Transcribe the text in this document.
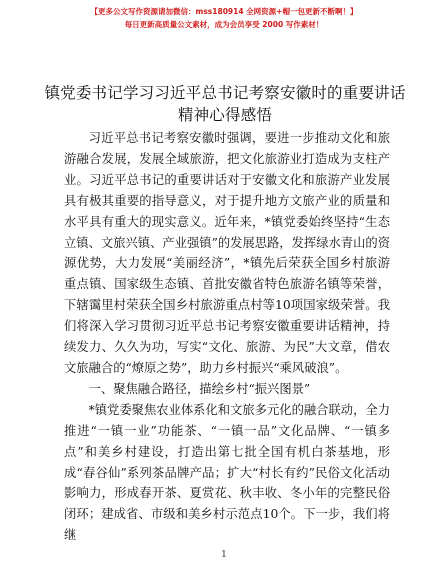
【更多公文写作资源请加微信：mss180914 全网资源+帽一包更新不断啊！】
每日更新高质量公文素材，成为会员享受 2000 写作素材！
镇党委书记学习习近平总书记考察安徽时的重要讲话精神心得感悟

习近平总书记考察安徽时强调，要进一步推动文化和旅游融合发展，发展全域旅游，把文化旅游业打造成为支柱产业。习近平总书记的重要讲话对于安徽文化和旅游产业发展具有极其重要的指导意义，对于提升地方文旅产业的质量和水平具有重大的现实意义。近年来，*镇党委始终坚持“生态立镇、文旅兴镇、产业强镇”的发展思路，发挥绿水青山的资源优势，大力发展“美丽经济”，*镇先后荣获全国乡村旅游重点镇、国家级生态镇、首批安徽省特色旅游名镇等荣誉，下辖霭里村荣获全国乡村旅游重点村等10项国家级荣誉。我们将深入学习贯彻习近平总书记考察安徽重要讲话精神，持续发力、久久为功，写实“文化、旅游、为民”大文章，借农文旅融合的“燎原之势”，助力乡村振兴“乘风破浪”。

一、聚焦融合路径，描绘乡村“振兴图景”

*镇党委聚焦农业体系化和文旅多元化的融合联动，全力推进“一镇一业”功能茶、“一镇一品”文化品牌、“一镇多点”和美乡村建设，打造出第七批全国有机白茶基地，形成“春谷仙”系列茶品牌产品；扩大“村长有约”民俗文化活动影响力，形成春开茶、夏赏花、秋丰收、冬小年的完整民俗闭环；建成省、市级和美乡村示范点10个。下一步，我们将继

1
